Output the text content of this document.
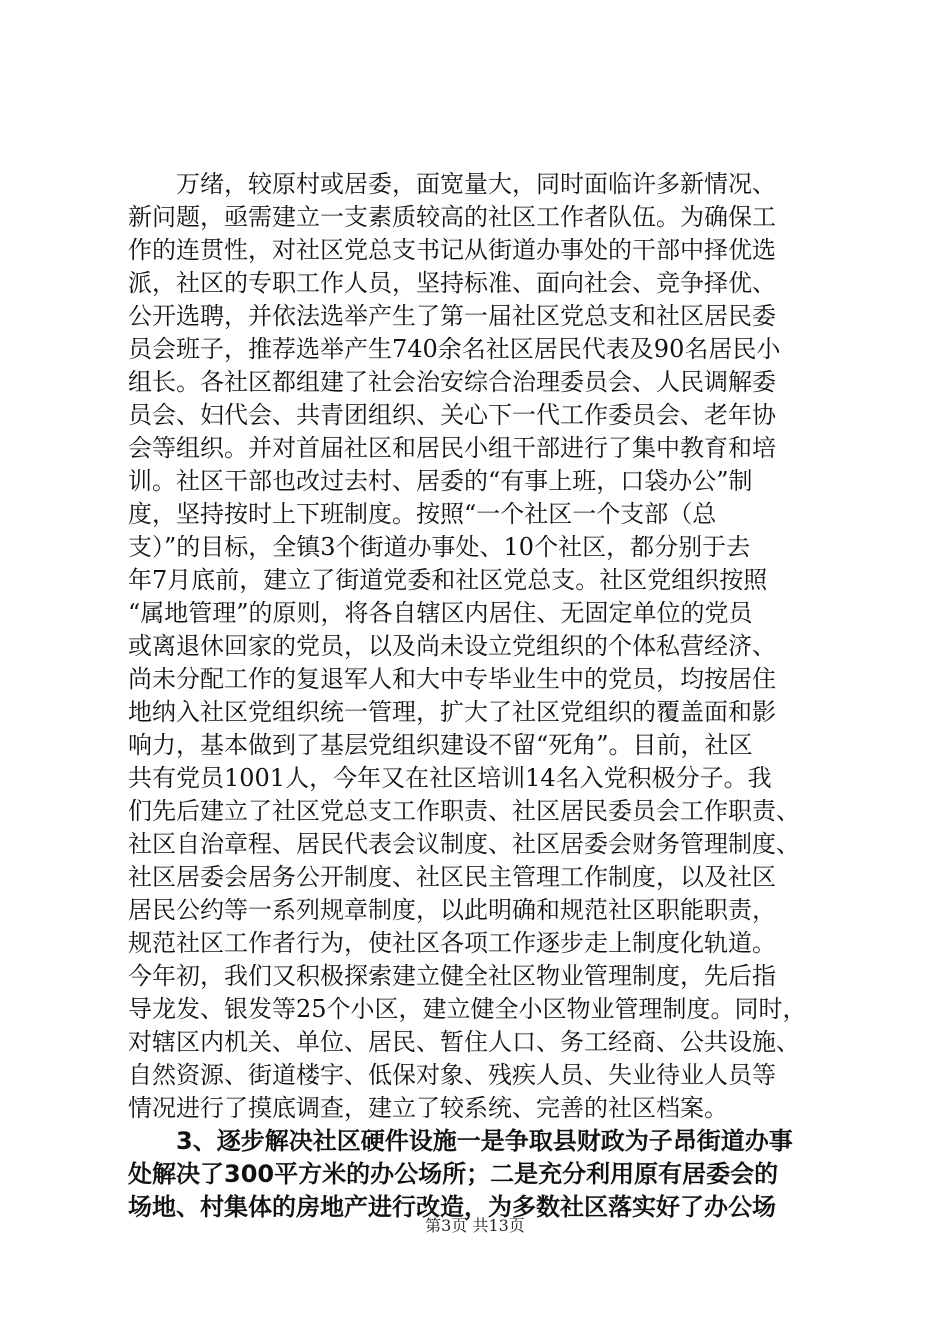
万绪，较原村或居委，面宽量大，同时面临许多新情况、
新问题，亟需建立一支素质较高的社区工作者队伍。为确保工
作的连贯性，对社区党总支书记从街道办事处的干部中择优选
派，社区的专职工作人员，坚持标准、面向社会、竞争择优、
公开选聘，并依法选举产生了第一届社区党总支和社区居民委
员会班子，推荐选举产生740余名社区居民代表及90名居民小
组长。各社区都组建了社会治安综合治理委员会、人民调解委
员会、妇代会、共青团组织、关心下一代工作委员会、老年协
会等组织。并对首届社区和居民小组干部进行了集中教育和培
训。社区干部也改过去村、居委的“有事上班，口袋办公”制
度，坚持按时上下班制度。按照“一个社区一个支部（总
支）”的目标，全镇3个街道办事处、10个社区，都分别于去
年7月底前，建立了街道党委和社区党总支。社区党组织按照
“属地管理”的原则，将各自辖区内居住、无固定单位的党员
或离退休回家的党员，以及尚未设立党组织的个体私营经济、
尚未分配工作的复退军人和大中专毕业生中的党员，均按居住
地纳入社区党组织统一管理，扩大了社区党组织的覆盖面和影
响力，基本做到了基层党组织建设不留“死角”。目前，社区
共有党员1001人，今年又在社区培训14名入党积极分子。我
们先后建立了社区党总支工作职责、社区居民委员会工作职责、
社区自治章程、居民代表会议制度、社区居委会财务管理制度、
社区居委会居务公开制度、社区民主管理工作制度，以及社区
居民公约等一系列规章制度，以此明确和规范社区职能职责，
规范社区工作者行为，使社区各项工作逐步走上制度化轨道。
今年初，我们又积极探索建立健全社区物业管理制度，先后指
导龙发、银发等25个小区，建立健全小区物业管理制度。同时，
对辖区内机关、单位、居民、暂住人口、务工经商、公共设施、
自然资源、街道楼宇、低保对象、残疾人员、失业待业人员等
情况进行了摸底调查，建立了较系统、完善的社区档案。
3、逐步解决社区硬件设施一是争取县财政为子昂街道办事
处解决了300平方米的办公场所；二是充分利用原有居委会的
场地、村集体的房地产进行改造，为多数社区落实好了办公场
第3页 共13页
